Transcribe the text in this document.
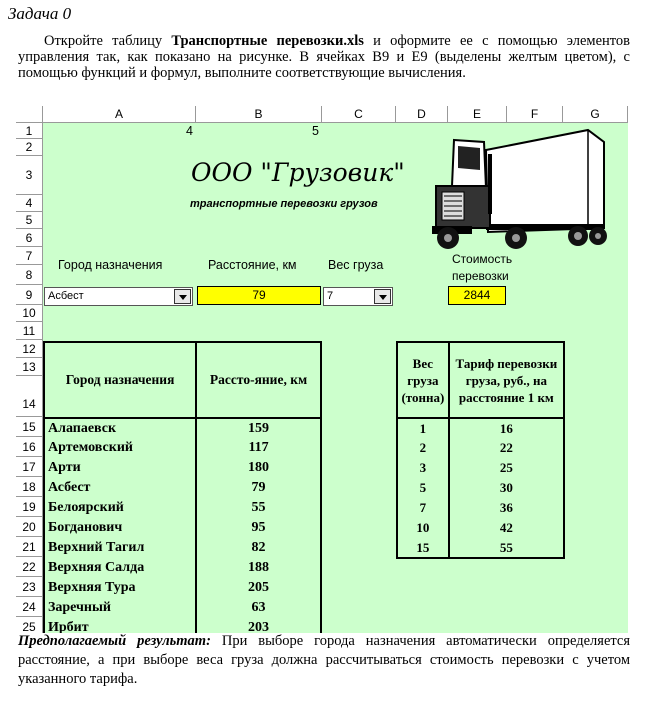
Задача 0
Откройте таблицу Транспортные перевозки.xls и оформите ее с помощью элементов управления так, как показано на рисунке. В ячейках B9 и E9 (выделены желтым цветом), с помощью функций и формул, выполните соответствующие вычисления.
A	B	C	D	E	F	G
1
2
3
4
5
6
7
8
9
10
11
12
13
14
15
16
17
18
19
20
21
22
23
24
25
4	5
ООО "Грузовик"
транспортные перевозки грузов
Город назначения	Расстояние, км	Вес груза	Стоимость
перевозки
Асбест	79	7	2844
Город назначения	Рассто-яние, км
Алапаевск	159
Артемовский	117
Арти	180
Асбест	79
Белоярский	55
Богданович	95
Верхний Тагил	82
Верхняя Салда	188
Верхняя Тура	205
Заречный	63
Ирбит	203
Вес груза (тонна)	Тариф перевозки груза, руб., на расстояние 1 км
1	16
2	22
3	25
5	30
7	36
10	42
15	55
Предполагаемый результат: При выборе города назначения автоматически определяется расстояние, а при выборе веса груза должна рассчитываться стоимость перевозки с учетом указанного тарифа.
